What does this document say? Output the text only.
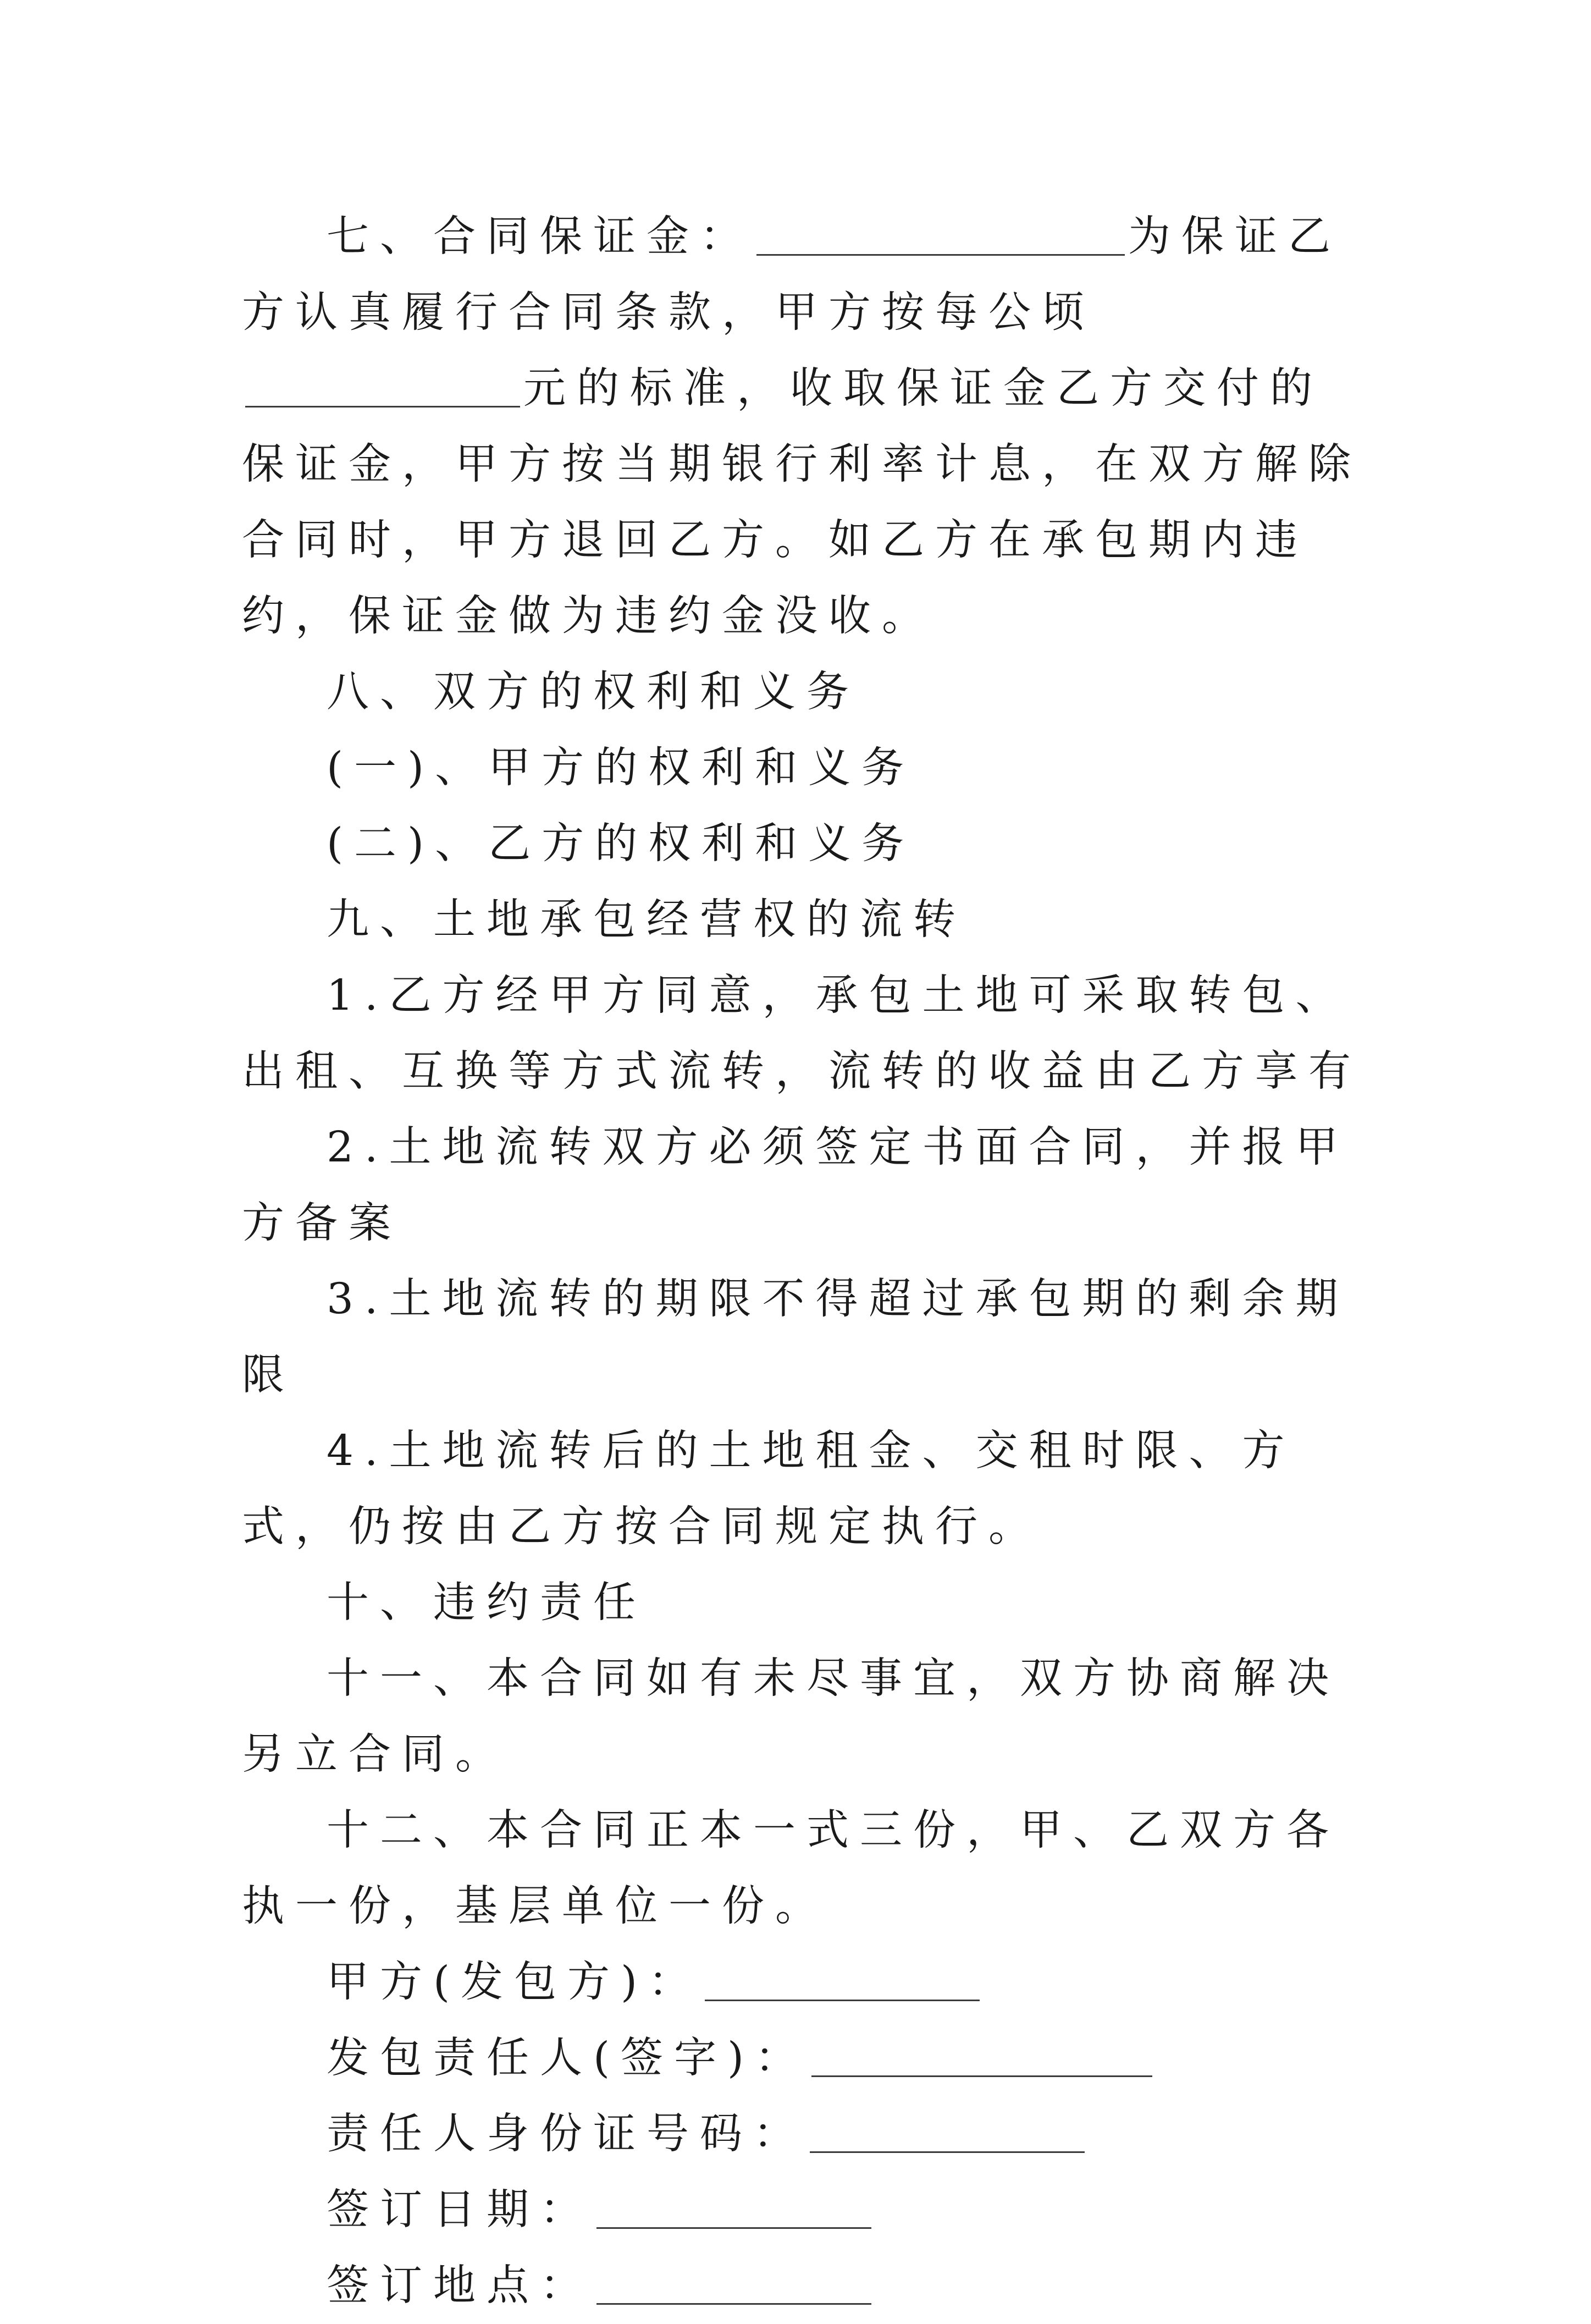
七、合同保证金：	为保证乙方认真履行合同条款，甲方按每公顷元的标准，收取保证金乙方交付的保证金，甲方按当期银行利率计息，在双方解除合同时，甲方退回乙方。如乙方在承包期内违约，保证金做为违约金没收。

八、双方的权利和义务

(一)、甲方的权利和义务

(二)、乙方的权利和义务

九、土地承包经营权的流转

1.乙方经甲方同意，承包土地可采取转包、出租、互换等方式流转，流转的收益由乙方享有

2.土地流转双方必须签定书面合同，并报甲方备案

3.土地流转的期限不得超过承包期的剩余期限

4.土地流转后的土地租金、交租时限、方式，仍按由乙方按合同规定执行。

十、违约责任

十一、本合同如有未尽事宜，双方协商解决另立合同。

十二、本合同正本一式三份，甲、乙双方各执一份，基层单位一份。

甲方(发包方)：

发包责任人(签字)：

责任人身份证号码：

签订日期：

签订地点：
